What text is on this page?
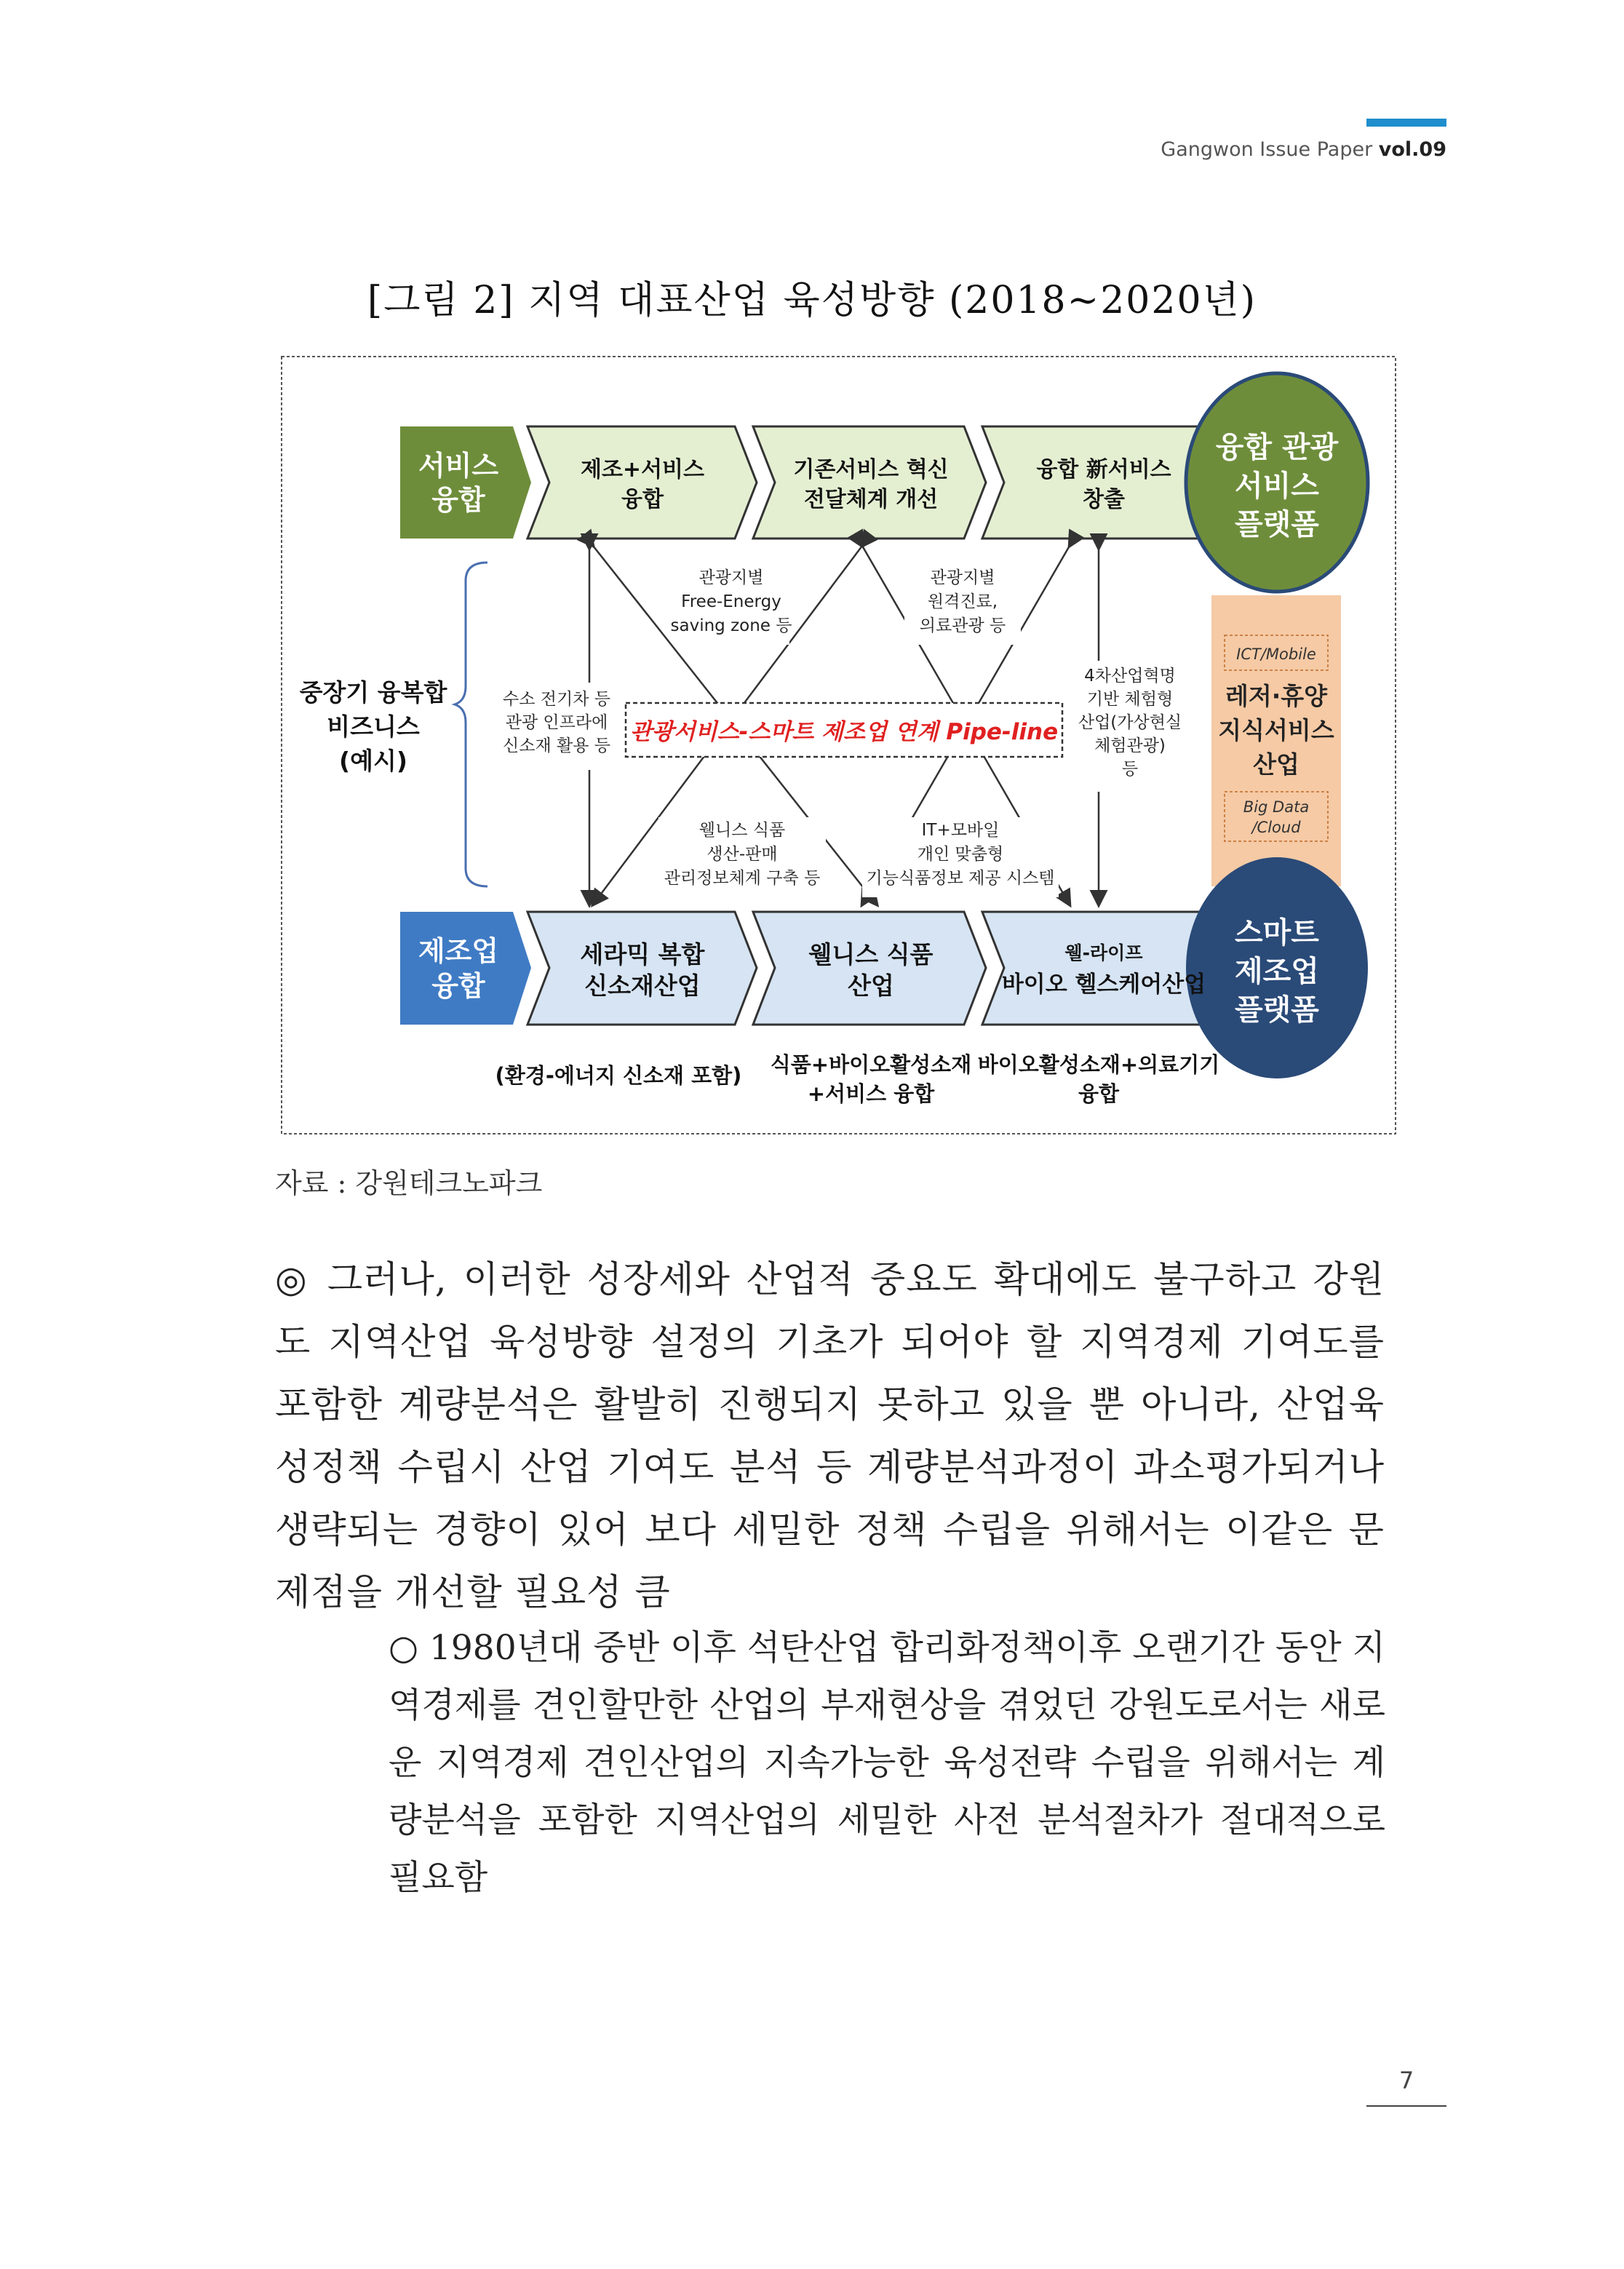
Gangwon Issue Paper vol.09
[그림 2] 지역 대표산업 육성방향 (2018~2020년)
관광서비스-스마트 제조업 연계 Pipe-line
ICT/Mobile
레저·휴양
지식서비스
산업
Big Data
/Cloud
서비스
융합
제조업
융합
제조+서비스
융합
기존서비스 혁신
전달체계 개선
융합 新서비스
창출
세라믹 복합
신소재산업
웰니스 식품
산업
웰-라이프
바이오 헬스케어산업
융합 관광
서비스
플랫폼
스마트
제조업
플랫폼
중장기 융복합
비즈니스
(예시)
수소 전기차 등
관광 인프라에
신소재 활용 등
관광지별
Free-Energy
saving zone 등
관광지별
원격진료,
의료관광 등
4차산업혁명
기반 체험형
산업(가상현실
체험관광)
등
웰니스 식품
생산-판매
관리정보체계 구축 등
IT+모바일
개인 맞춤형
기능식품정보 제공 시스템
(환경-에너지 신소재 포함) 식품+바이오활성소재
+서비스 융합
바이오활성소재+의료기기
융합
자료 : 강원테크노파크
◎ 그러나, 이러한 성장세와 산업적 중요도 확대에도 불구하고 강원도 지역산업 육성방향 설정의 기초가 되어야 할 지역경제 기여도를 포함한 계량분석은 활발히 진행되지 못하고 있을 뿐 아니라, 산업육성정책 수립시 산업 기여도 분석 등 계량분석과정이 과소평가되거나 생략되는 경향이 있어 보다 세밀한 정책 수립을 위해서는 이같은 문제점을 개선할 필요성 큼
○ 1980년대 중반 이후 석탄산업 합리화정책이후 오랜기간 동안 지역경제를 견인할만한 산업의 부재현상을 겪었던 강원도로서는 새로운 지역경제 견인산업의 지속가능한 육성전략 수립을 위해서는 계량분석을 포함한 지역산업의 세밀한 사전 분석절차가 절대적으로 필요함
7
